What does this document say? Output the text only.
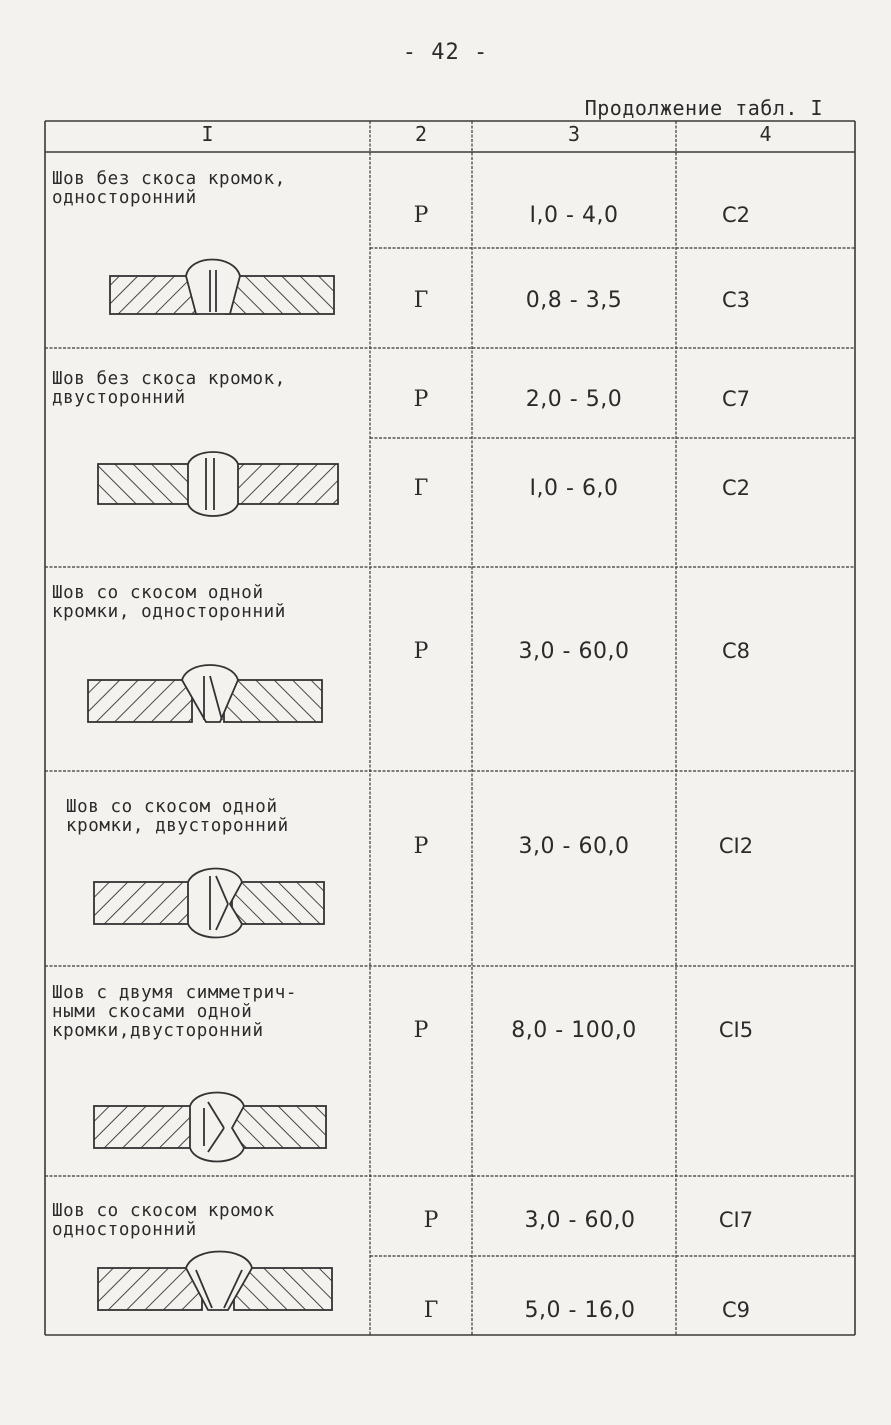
- 42 -
Продолжение табл. I
I	2	3	4
Шов без скоса кромок,
односторонний
Р	I,0 - 4,0	С2
Г	0,8 - 3,5	С3
Шов без скоса кромок,
двусторонний	Р	2,0 - 5,0	С7
Г	I,0 - 6,0	С2
Шов со скосом одной
кромки, односторонний
Р	3,0 - 60,0	С8
Шов со скосом одной
кромки, двусторонний
Р	3,0 - 60,0	СI2
Шов с двумя симметрич-
ными скосами одной
кромки,двусторонний	Р	8,0 - 100,0	СI5
Шов со скосом кромок
односторонний	Р	3,0 - 60,0	СI7
Г	5,0 - 16,0	С9
